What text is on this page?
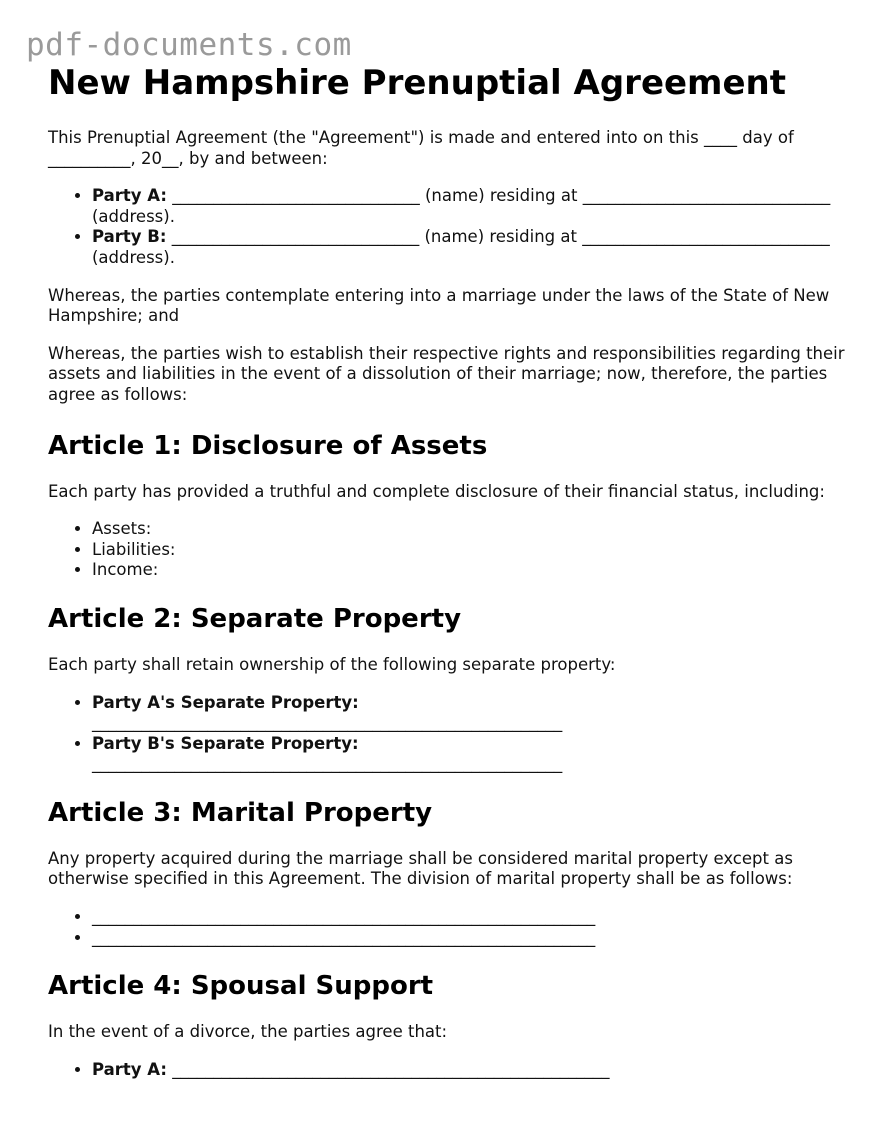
pdf-documents.com
New Hampshire Prenuptial Agreement

This Prenuptial Agreement (the "Agreement") is made and entered into on this ____ day of __________, 20__, by and between:

• Party A: ______________________________ (name) residing at ______________________________ (address).
• Party B: ______________________________ (name) residing at ______________________________ (address).

Whereas, the parties contemplate entering into a marriage under the laws of the State of New Hampshire; and

Whereas, the parties wish to establish their respective rights and responsibilities regarding their assets and liabilities in the event of a dissolution of their marriage; now, therefore, the parties agree as follows:

Article 1: Disclosure of Assets

Each party has provided a truthful and complete disclosure of their financial status, including:

• Assets:
• Liabilities:
• Income:
Article 2: Separate Property

Each party shall retain ownership of the following separate property:

• Party A's Separate Property:
_________________________________________________________
• Party B's Separate Property:
_________________________________________________________
Article 3: Marital Property

Any property acquired during the marriage shall be considered marital property except as otherwise specified in this Agreement. The division of marital property shall be as follows:

• _____________________________________________________________
• _____________________________________________________________
Article 4: Spousal Support

In the event of a divorce, the parties agree that:

• Party A: _____________________________________________________
